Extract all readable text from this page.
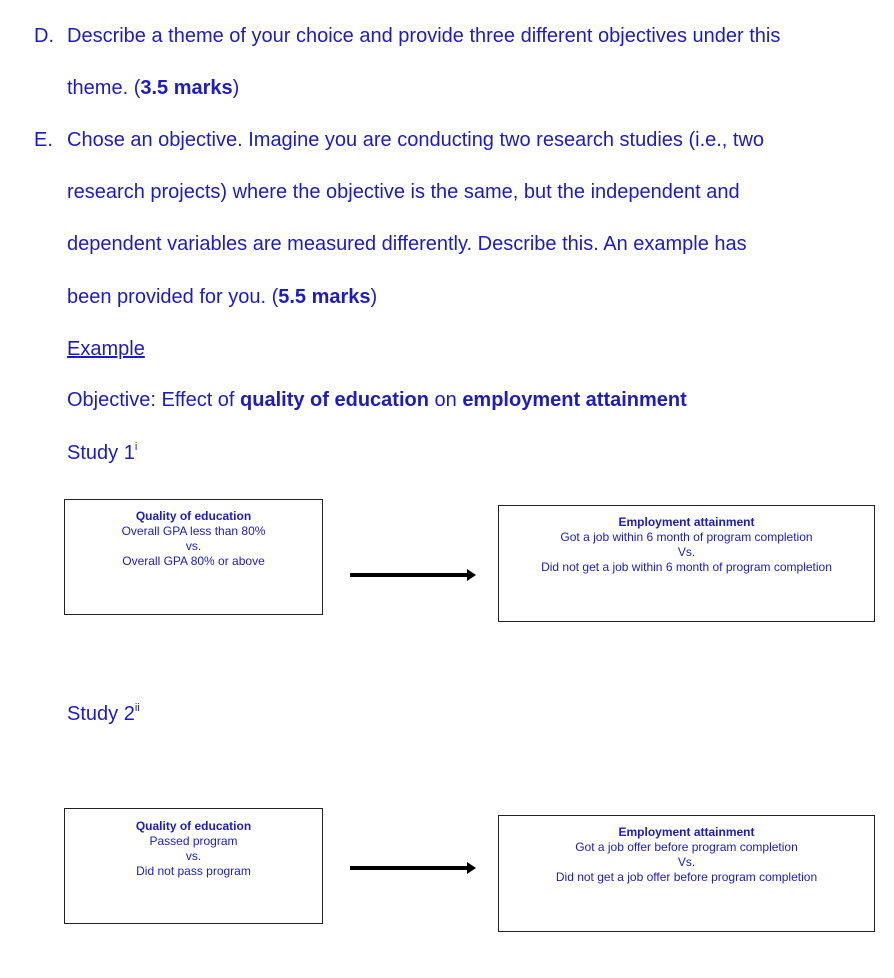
D. Describe a theme of your choice and provide three different objectives under this
theme. (3.5 marks)
E. Chose an objective. Imagine you are conducting two research studies (i.e., two
research projects) where the objective is the same, but the independent and
dependent variables are measured differently. Describe this. An example has
been provided for you. (5.5 marks)
Example
Objective: Effect of quality of education on employment attainment
Study 1$^i$
Quality of education
Overall GPA less than 80%
vs.
Overall GPA 80% or above
Employment attainment
Got a job within 6 month of program completion
Vs.
Did not get a job within 6 month of program completion
Study 2$^{ii}$
Quality of education
Passed program
vs.
Did not pass program
Employment attainment
Got a job offer before program completion
Vs.
Did not get a job offer before program completion
